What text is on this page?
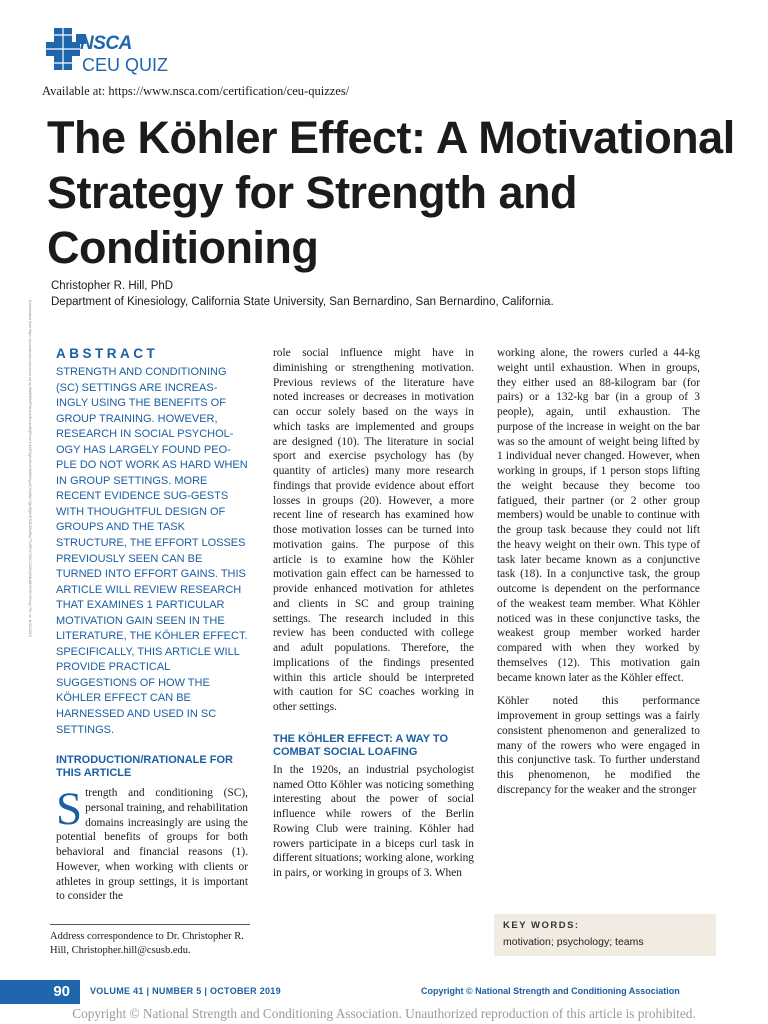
NSCA
CEU QUIZ
Available at: https://www.nsca.com/certification/ceu-quizzes/
The Köhler Effect: A Motivational Strategy for Strength and Conditioning
Christopher R. Hill, PhD
Department of Kinesiology, California State University, San Bernardino, San Bernardino, California.
Downloaded from https://journals.lww.com/nsca-scj by BhDMf5ePHKav1zEoum1tQfN4a+kJLhEZgbsIHo4XMi0hCywCX1AWnYQp/IlQrHD3i3D0OdRyi7TvSFl4Cf3VC4/OAVpDDa8KKGKV0Ymy+78= on 11/02/2019 ABSTRACT

STRENGTH AND CONDITIONING (SC) SETTINGS ARE INCREAS-INGLY USING THE BENEFITS OF GROUP TRAINING. HOWEVER, RESEARCH IN SOCIAL PSYCHOL-OGY HAS LARGELY FOUND PEO-PLE DO NOT WORK AS HARD WHEN IN GROUP SETTINGS. MORE RECENT EVIDENCE SUG-GESTS WITH THOUGHTFUL DESIGN OF GROUPS AND THE TASK STRUCTURE, THE EFFORT LOSSES PREVIOUSLY SEEN CAN BE TURNED INTO EFFORT GAINS. THIS ARTICLE WILL REVIEW RESEARCH THAT EXAMINES 1 PARTICULAR MOTIVATION GAIN SEEN IN THE LITERATURE, THE KÖHLER EFFECT. SPECIFICALLY, THIS ARTICLE WILL PROVIDE PRACTICAL SUGGESTIONS OF HOW THE KÖHLER EFFECT CAN BE HARNESSED AND USED IN SC SETTINGS.

INTRODUCTION/RATIONALE FOR THIS ARTICLE

Strength and conditioning (SC), personal training, and rehabilitation domains increasingly are using the potential benefits of groups for both behavioral and financial reasons (1). However, when working with clients or athletes in group settings, it is important to consider the

Address correspondence to Dr. Christopher R. Hill, Christopher.hill@csusb.edu.

role social influence might have in diminishing or strengthening motivation. Previous reviews of the literature have noted increases or decreases in motivation can occur solely based on the ways in which tasks are implemented and groups are designed (10). The literature in social sport and exercise psychology has (by quantity of articles) many more research findings that provide evidence about effort losses in groups (20). However, a more recent line of research has examined how those motivation losses can be turned into motivation gains. The purpose of this article is to examine how the Köhler motivation gain effect can be harnessed to provide enhanced motivation for athletes and clients in SC and group training settings. The research included in this review has been conducted with college and adult populations. Therefore, the implications of the findings presented within this article should be interpreted with caution for SC coaches working in other settings.

THE KÖHLER EFFECT: A WAY TO COMBAT SOCIAL LOAFING

In the 1920s, an industrial psychologist named Otto Köhler was noticing something interesting about the power of social influence while rowers of the Berlin Rowing Club were training. Köhler had rowers participate in a biceps curl task in different situations; working alone, working in pairs, or working in groups of 3. When

working alone, the rowers curled a 44-kg weight until exhaustion. When in groups, they either used an 88-kilogram bar (for pairs) or a 132-kg bar (in a group of 3 people), again, until exhaustion. The purpose of the increase in weight on the bar was so the amount of weight being lifted by 1 individual never changed. However, when working in groups, if 1 person stops lifting the weight because they become too fatigued, their partner (or 2 other group members) would be unable to continue with the group task because they could not lift the heavy weight on their own. This type of task later became known as a conjunctive task (18). In a conjunctive task, the group outcome is dependent on the performance of the weakest team member. What Köhler noticed was in these conjunctive tasks, the weakest group member worked harder compared with when they worked by themselves (12). This motivation gain became known later as the Köhler effect.

Köhler noted this performance improvement in group settings was a fairly consistent phenomenon and generalized to many of the rowers who were engaged in this conjunctive task. To further understand this phenomenon, he modified the discrepancy for the weaker and the stronger

KEY WORDS:
motivation; psychology; teams
90	VOLUME 41 | NUMBER 5 | OCTOBER 2019	Copyright © National Strength and Conditioning Association
Copyright © National Strength and Conditioning Association. Unauthorized reproduction of this article is prohibited.
